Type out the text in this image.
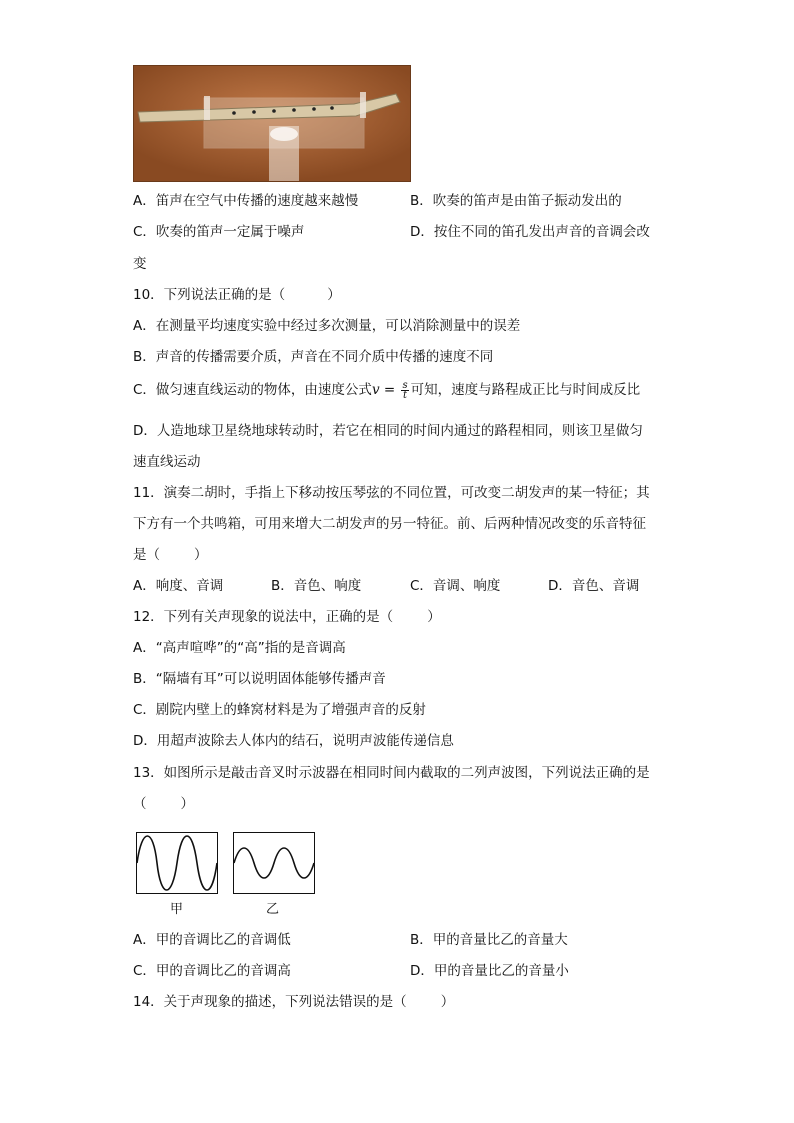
A．笛声在空气中传播的速度越来越慢	B．吹奏的笛声是由笛子振动发出的
C．吹奏的笛声一定属于噪声	D．按住不同的笛孔发出声音的音调会改
变
10．下列说法正确的是（	）
A．在测量平均速度实验中经过多次测量，可以消除测量中的误差
B．声音的传播需要介质，声音在不同介质中传播的速度不同
C．做匀速直线运动的物体，由速度公式$v = \frac{s}{t}$ 可知，速度与路程成正比与时间成反比
D．人造地球卫星绕地球转动时，若它在相同的时间内通过的路程相同，则该卫星做匀
速直线运动
11．演奏二胡时，手指上下移动按压琴弦的不同位置，可改变二胡发声的某一特征；其
下方有一个共鸣箱，可用来增大二胡发声的另一特征。前、后两种情况改变的乐音特征
是（	）
A．响度、音调	B．音色、响度	C．音调、响度	D．音色、音调
12．下列有关声现象的说法中，正确的是（	）
A．“高声喧哗”的“高”指的是音调高
B．“隔墙有耳”可以说明固体能够传播声音
C．剧院内壁上的蜂窝材料是为了增强声音的反射
D．用超声波除去人体内的结石，说明声波能传递信息
13．如图所示是敲击音叉时示波器在相同时间内截取的二列声波图，下列说法正确的是
（	）
甲	乙
A．甲的音调比乙的音调低	B．甲的音量比乙的音量大
C．甲的音调比乙的音调高	D．甲的音量比乙的音量小
14．关于声现象的描述，下列说法错误的是（	）
